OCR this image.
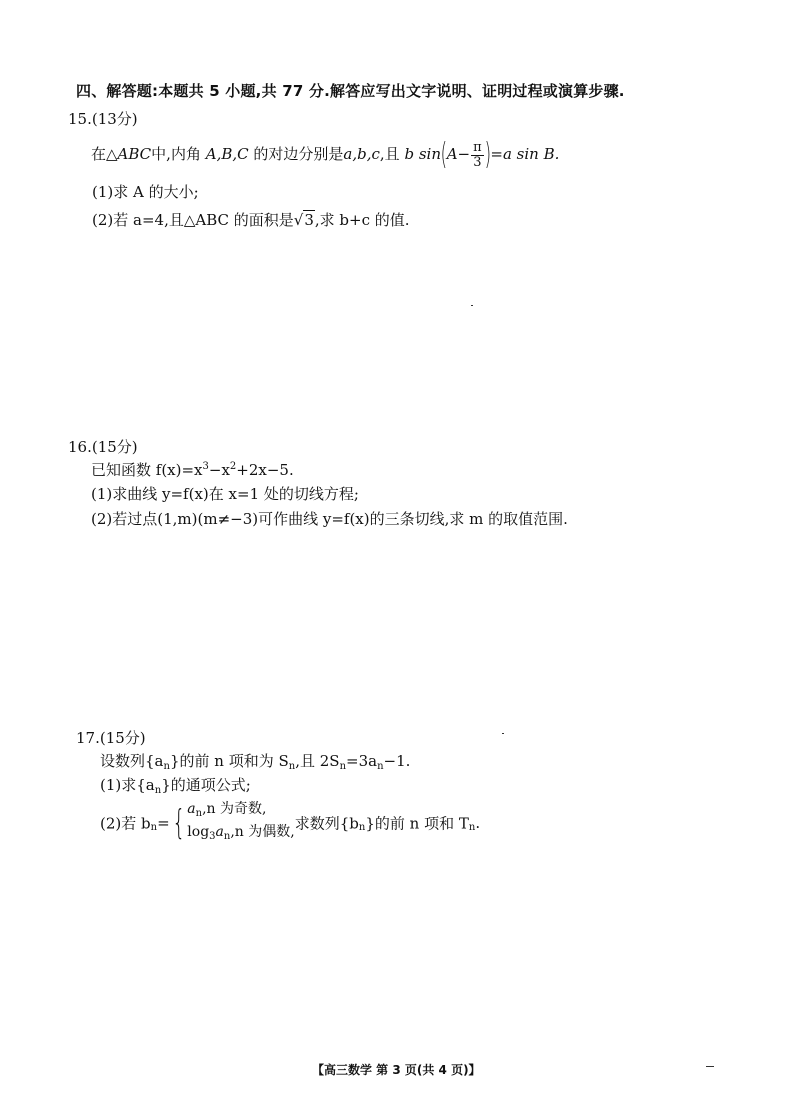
四、解答题:本题共 5 小题,共 77 分.解答应写出文字说明、证明过程或演算步骤.
15.(13分)
在△ABC中,内角 A,B,C 的对边分别是a,b,c,且 b $\sin(A- \frac{\pi}{3} )=a$ sin B.
(1)求 A 的大小;
(2)若 a=4,且△ABC 的面积是√3,求 b+c 的值.
16.(15分)
已知函数 $f(x)=x^3-x^2+2x-5$.
(1)求曲线 y=f(x)在 x=1 处的切线方程;
(2)若过点(1,m)(m≠−3)可作曲线 y=f(x)的三条切线,求 m 的取值范围.
17.(15分)
设数列$\{a_n\}$的前 n 项和为 $S_n$,且 $2S_n=3a_n-1$.
(1)求$\{a_n\}$的通项公式;
(2)若 $b_n=${ $a_n,n$ 为奇数,
$\log_3a_n,n$ 为偶数, 求数列$\{b_n\}$的前 n 项和 $T_n$.
【高三数学 第 3 页(共 4 页)】
